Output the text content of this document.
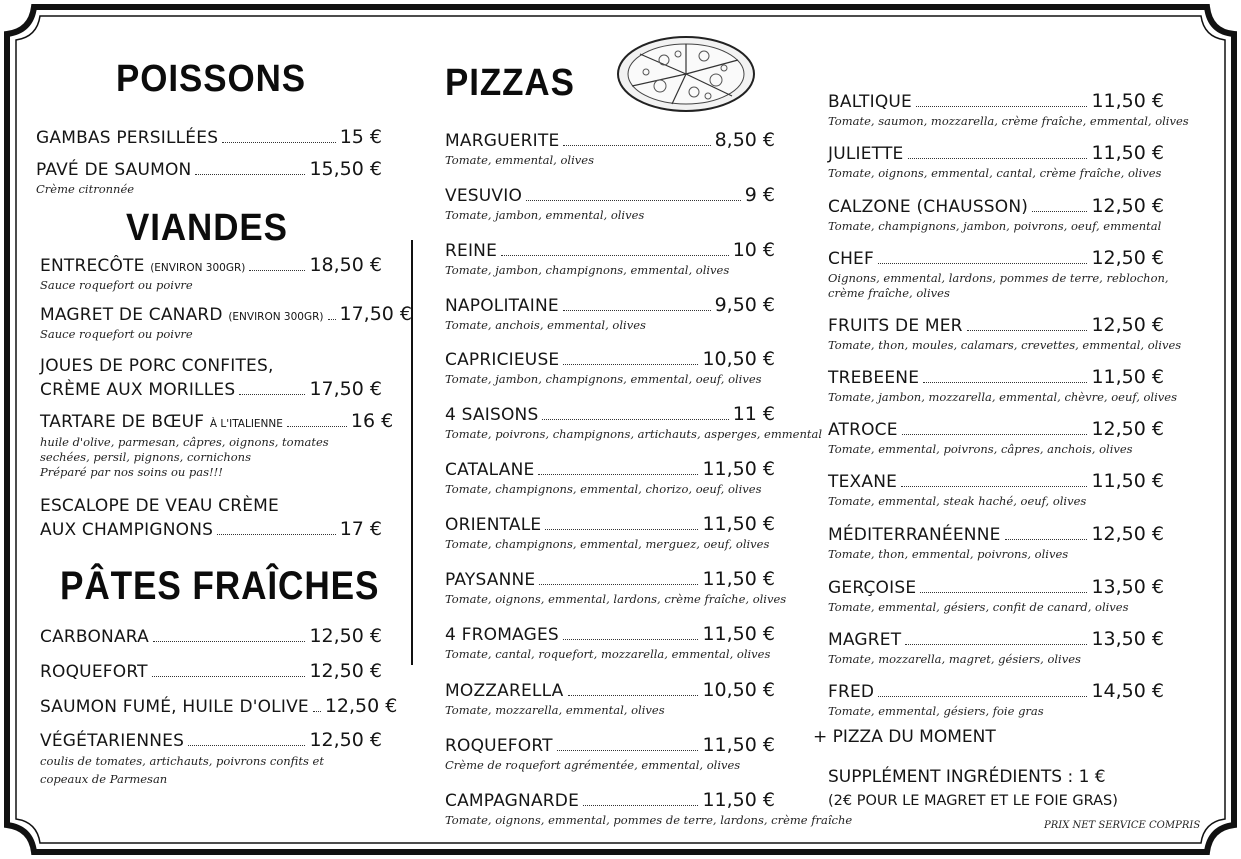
POISSONS
VIANDES
PÂTES FRAÎCHES
PIZZAS
GAMBAS PERSILLÉES	15 €
PAVÉ DE SAUMON	15,50 €
Crème citronnée
ENTRECÔTE (ENVIRON 300GR)	18,50 €
Sauce roquefort ou poivre
MAGRET DE CANARD (ENVIRON 300GR) 17,50 €
Sauce roquefort ou poivre
JOUES DE PORC CONFITES,
CRÈME AUX MORILLES	17,50 €
TARTARE DE BŒUF À L'ITALIENNE	16 €
huile d'olive, parmesan, câpres, oignons, tomates
sechées, persil, pignons, cornichons
Préparé par nos soins ou pas!!!
ESCALOPE DE VEAU CRÈME
AUX CHAMPIGNONS	17 €
CARBONARA	12,50 €
ROQUEFORT	12,50 €
SAUMON FUMÉ, HUILE D'OLIVE 12,50 €
VÉGÉTARIENNES	12,50 €
coulis de tomates, artichauts, poivrons confits et
copeaux de Parmesan
MARGUERITE	8,50 €
Tomate, emmental, olives
VESUVIO	9 €
Tomate, jambon, emmental, olives
REINE	10 €
Tomate, jambon, champignons, emmental, olives
NAPOLITAINE	9,50 €
Tomate, anchois, emmental, olives
CAPRICIEUSE	10,50 €
Tomate, jambon, champignons, emmental, oeuf, olives
4 SAISONS	11 €
Tomate, poivrons, champignons, artichauts, asperges, emmental
CATALANE	11,50 €
Tomate, champignons, emmental, chorizo, oeuf, olives
ORIENTALE	11,50 €
Tomate, champignons, emmental, merguez, oeuf, olives
PAYSANNE	11,50 €
Tomate, oignons, emmental, lardons, crème fraîche, olives
4 FROMAGES	11,50 €
Tomate, cantal, roquefort, mozzarella, emmental, olives
MOZZARELLA	10,50 €
Tomate, mozzarella, emmental, olives
ROQUEFORT	11,50 €
Crème de roquefort agrémentée, emmental, olives
CAMPAGNARDE	11,50 €
Tomate, oignons, emmental, pommes de terre, lardons, crème fraîche
BALTIQUE	11,50 €
Tomate, saumon, mozzarella, crème fraîche, emmental, olives
JULIETTE	11,50 €
Tomate, oignons, emmental, cantal, crème fraîche, olives
CALZONE (CHAUSSON)	12,50 €
Tomate, champignons, jambon, poivrons, oeuf, emmental
CHEF	12,50 €
Oignons, emmental, lardons, pommes de terre, reblochon,
crème fraîche, olives
FRUITS DE MER	12,50 €
Tomate, thon, moules, calamars, crevettes, emmental, olives
TREBEENE	11,50 €
Tomate, jambon, mozzarella, emmental, chèvre, oeuf, olives
ATROCE	12,50 €
Tomate, emmental, poivrons, câpres, anchois, olives
TEXANE	11,50 €
Tomate, emmental, steak haché, oeuf, olives
MÉDITERRANÉENNE	12,50 €
Tomate, thon, emmental, poivrons, olives
GERÇOISE	13,50 €
Tomate, emmental, gésiers, confit de canard, olives
MAGRET	13,50 €
Tomate, mozzarella, magret, gésiers, olives
FRED	14,50 €
Tomate, emmental, gésiers, foie gras
+ PIZZA DU MOMENT
SUPPLÉMENT INGRÉDIENTS : 1 €
(2€ POUR LE MAGRET ET LE FOIE GRAS)
PRIX NET SERVICE COMPRIS
